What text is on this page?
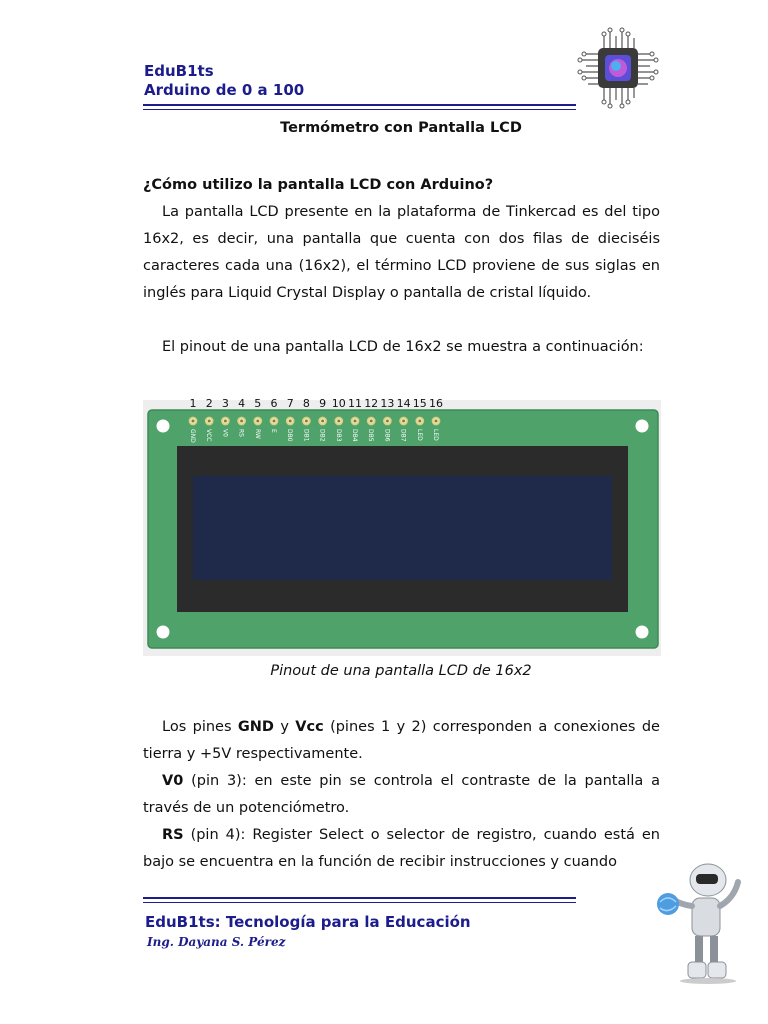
EduB1ts
Arduino de 0 a 100
Termómetro con Pantalla LCD
¿Cómo utilizo la pantalla LCD con Arduino?
La pantalla LCD presente en la plataforma de Tinkercad es del tipo 16x2, es decir, una pantalla que cuenta con dos filas de dieciséis caracteres cada una (16x2), el término LCD proviene de sus siglas en inglés para Liquid Crystal Display o pantalla de cristal líquido.
El pinout de una pantalla LCD de 16x2 se muestra a continuación:
1
GND
2
VCC
3
V0
4
RS
5
RW
6
E
7
DB0
8
DB1
9
DB2
10
DB3
11
DB4
12
DB5
13
DB6
14
DB7
15
LED
16
LED
Pinout de una pantalla LCD de 16x2
Los pines GND y Vcc (pines 1 y 2) corresponden a conexiones de tierra y +5V respectivamente.
V0 (pin 3): en este pin se controla el contraste de la pantalla a través de un potenciómetro.
RS (pin 4): Register Select o selector de registro, cuando está en bajo se encuentra en la función de recibir instrucciones y cuando
EduB1ts: Tecnología para la Educación
Ing. Dayana S. Pérez
